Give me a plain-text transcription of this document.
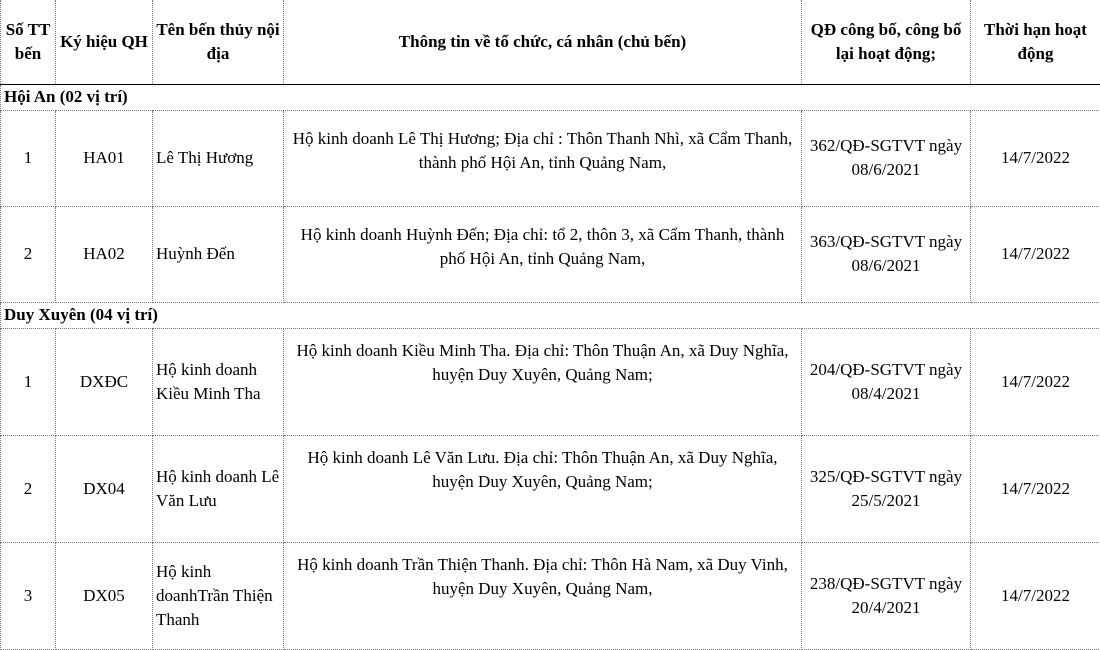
Số TT bến	Ký hiệu QH	Tên bến thủy nội địa	Thông tin về tổ chức, cá nhân (chủ bến)	QĐ công bố, công bố lại hoạt động;	Thời hạn hoạt động
Hội An (02 vị trí)					
1	HA01	Lê Thị Hương	Hộ kinh doanh Lê Thị Hương; Địa chỉ : Thôn Thanh Nhì, xã Cẩm Thanh, thành phố Hội An, tỉnh Quảng Nam,	362/QĐ-SGTVT ngày 08/6/2021	14/7/2022
2	HA02	Huỳnh Đến	Hộ kinh doanh Huỳnh Đến; Địa chỉ: tổ 2, thôn 3, xã Cẩm Thanh, thành phố Hội An, tỉnh Quảng Nam,	363/QĐ-SGTVT ngày 08/6/2021	14/7/2022
Duy Xuyên (04 vị trí)					
1	DXĐC	Hộ kinh doanh Kiều Minh Tha	Hộ kinh doanh Kiều Minh Tha. Địa chỉ: Thôn Thuận An, xã Duy Nghĩa, huyện Duy Xuyên, Quảng Nam;	204/QĐ-SGTVT ngày 08/4/2021	14/7/2022
2	DX04	Hộ kinh doanh Lê Văn Lưu	Hộ kinh doanh Lê Văn Lưu. Địa chỉ: Thôn Thuận An, xã Duy Nghĩa, huyện Duy Xuyên, Quảng Nam;	325/QĐ-SGTVT ngày 25/5/2021	14/7/2022
3	DX05	Hộ kinh doanhTrần Thiện Thanh	Hộ kinh doanh Trần Thiện Thanh. Địa chỉ: Thôn Hà Nam, xã Duy Vinh, huyện Duy Xuyên, Quảng Nam,	238/QĐ-SGTVT ngày 20/4/2021	14/7/2022
